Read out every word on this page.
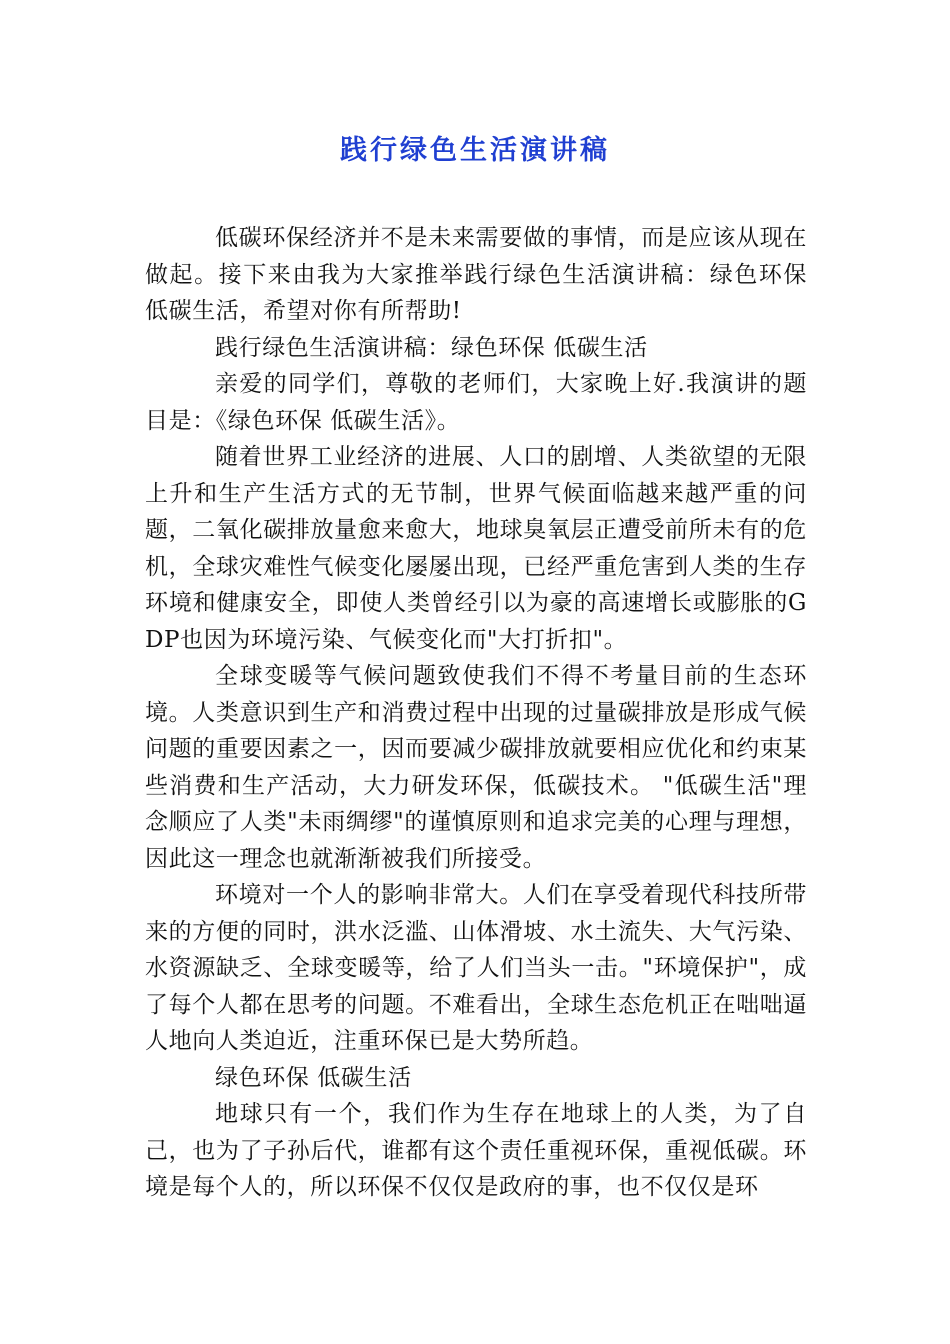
践行绿色生活演讲稿

低碳环保经济并不是未来需要做的事情，而是应该从现在做起。接下来由我为大家推举践行绿色生活演讲稿：绿色环保 低碳生活，希望对你有所帮助!

践行绿色生活演讲稿：绿色环保 低碳生活

亲爱的同学们，尊敬的老师们，大家晚上好.我演讲的题目是：《绿色环保 低碳生活》。

随着世界工业经济的进展、人口的剧增、人类欲望的无限上升和生产生活方式的无节制，世界气候面临越来越严重的问题，二氧化碳排放量愈来愈大，地球臭氧层正遭受前所未有的危机，全球灾难性气候变化屡屡出现，已经严重危害到人类的生存环境和健康安全，即使人类曾经引以为豪的高速增长或膨胀的GDP也因为环境污染、气候变化而"大打折扣"。

全球变暖等气候问题致使我们不得不考量目前的生态环境。人类意识到生产和消费过程中出现的过量碳排放是形成气候问题的重要因素之一，因而要减少碳排放就要相应优化和约束某些消费和生产活动，大力研发环保，低碳技术。 "低碳生活"理念顺应了人类"未雨绸缪"的谨慎原则和追求完美的心理与理想，因此这一理念也就渐渐被我们所接受。

环境对一个人的影响非常大。人们在享受着现代科技所带来的方便的同时，洪水泛滥、山体滑坡、水土流失、大气污染、水资源缺乏、全球变暖等，给了人们当头一击。"环境保护"，成了每个人都在思考的问题。不难看出，全球生态危机正在咄咄逼人地向人类迫近，注重环保已是大势所趋。

绿色环保 低碳生活

地球只有一个，我们作为生存在地球上的人类，为了自己，也为了子孙后代，谁都有这个责任重视环保，重视低碳。环境是每个人的，所以环保不仅仅是政府的事，也不仅仅是环
